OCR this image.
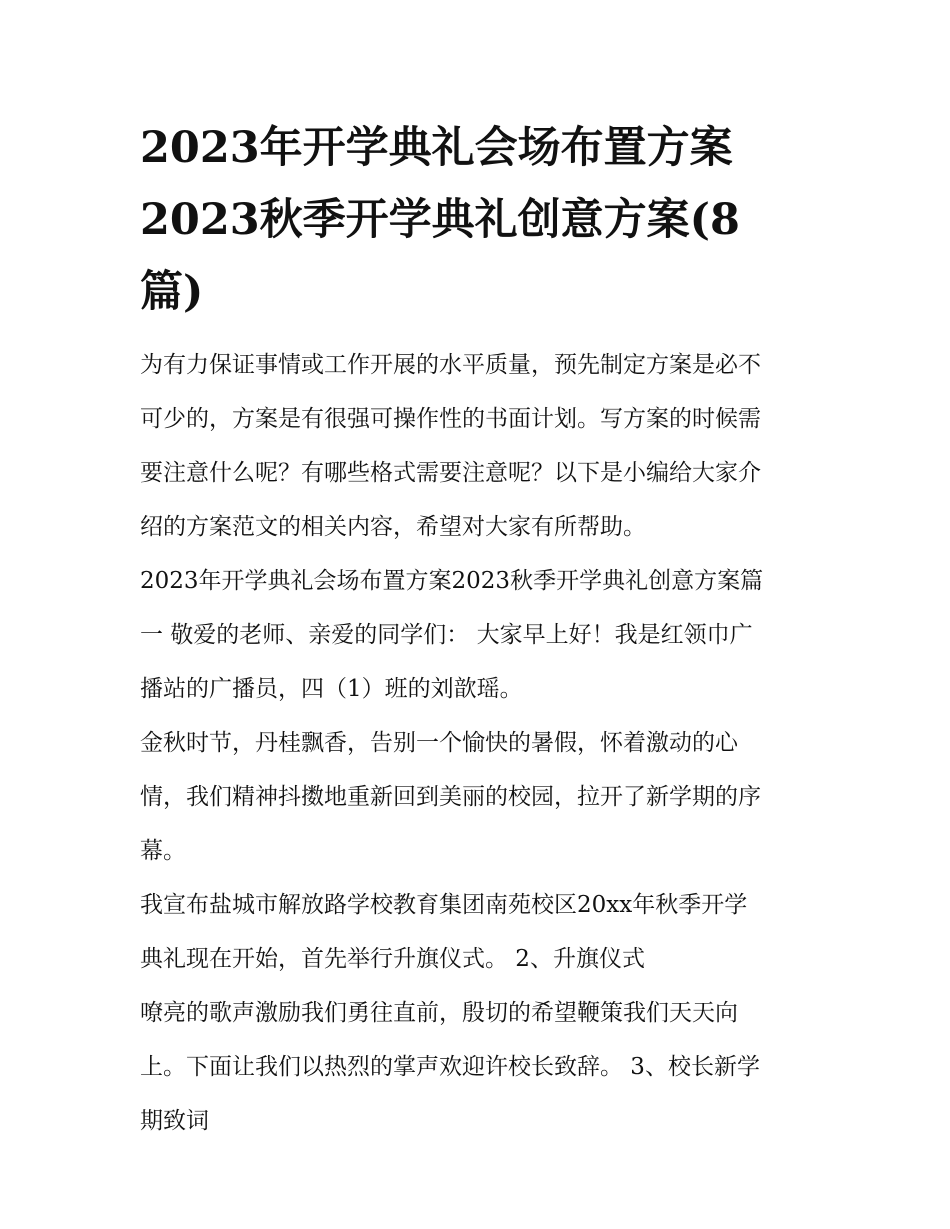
2023年开学典礼会场布置方案
2023秋季开学典礼创意方案(8
篇)

为有力保证事情或工作开展的水平质量，预先制定方案是必不
可少的，方案是有很强可操作性的书面计划。写方案的时候需
要注意什么呢？有哪些格式需要注意呢？以下是小编给大家介
绍的方案范文的相关内容，希望对大家有所帮助。

2023年开学典礼会场布置方案2023秋季开学典礼创意方案篇
一 敬爱的老师、亲爱的同学们： 大家早上好！我是红领巾广
播站的广播员，四（1）班的刘歆瑶。

金秋时节，丹桂飘香，告别一个愉快的暑假，怀着激动的心
情，我们精神抖擞地重新回到美丽的校园，拉开了新学期的序
幕。

我宣布盐城市解放路学校教育集团南苑校区20xx年秋季开学
典礼现在开始，首先举行升旗仪式。 2、升旗仪式

嘹亮的歌声激励我们勇往直前，殷切的希望鞭策我们天天向
上。下面让我们以热烈的掌声欢迎许校长致辞。 3、校长新学
期致词
